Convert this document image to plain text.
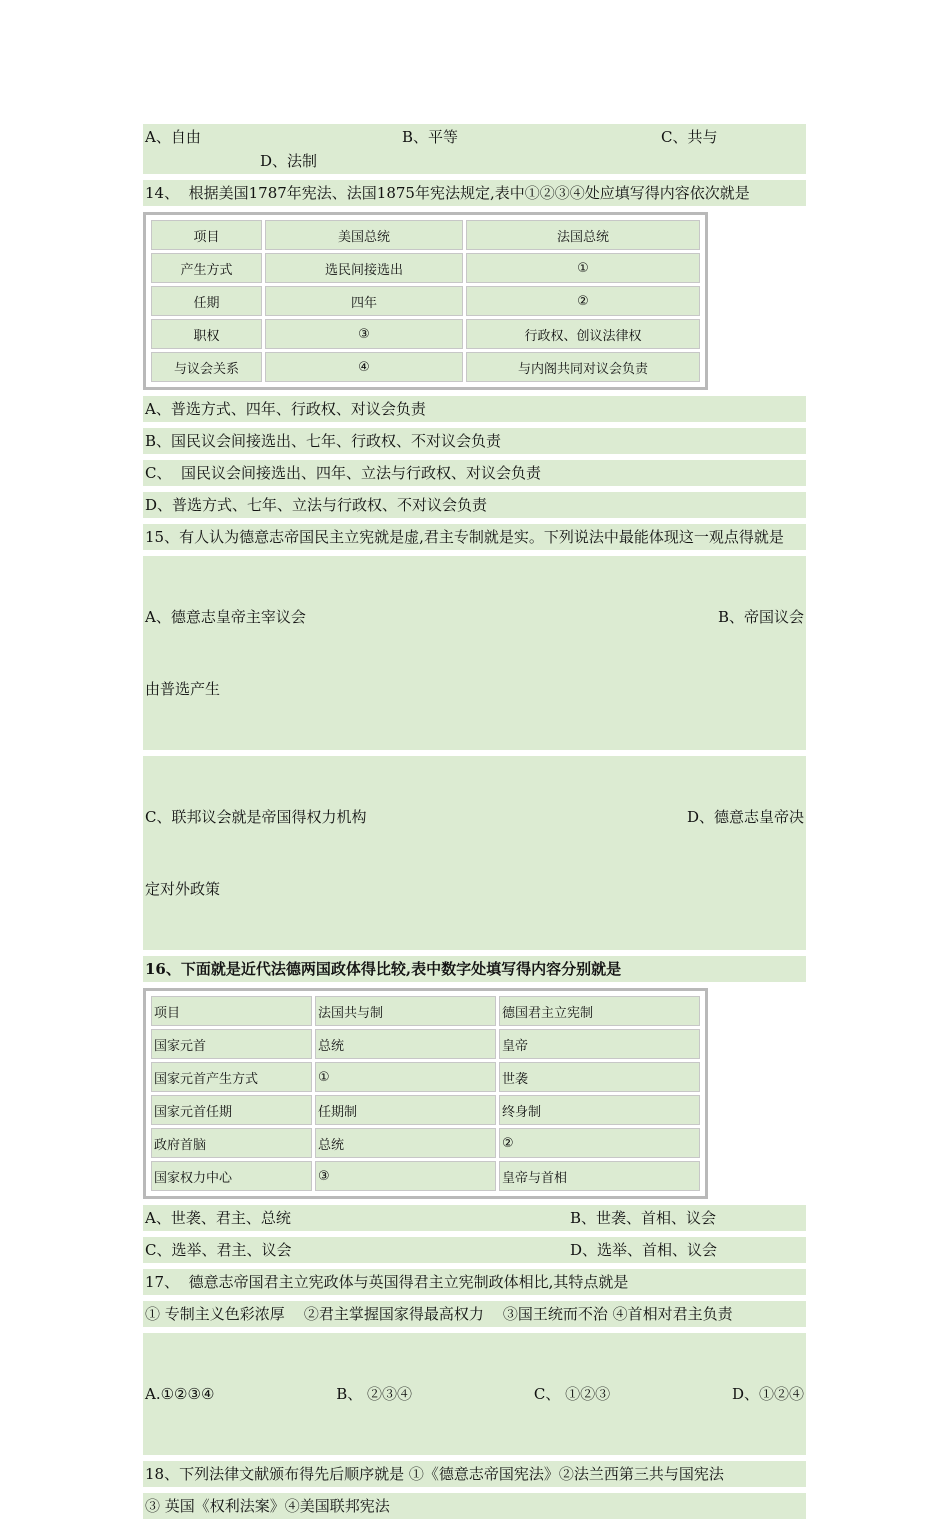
A、自由

	B、平等

	C、共与

D、法制

14、  根据美国1787年宪法、法国1875年宪法规定,表中①②③④处应填写得内容依次就是
项目	美国总统	法国总统
产生方式	选民间接选出	①
任期	四年	②
职权	③	行政权、创议法律权
与议会关系	④	与内阁共同对议会负责
A、普选方式、四年、行政权、对议会负责
B、国民议会间接选出、七年、行政权、不对议会负责
C、  国民议会间接选出、四年、立法与行政权、对议会负责
D、普选方式、七年、立法与行政权、不对议会负责
15、有人认为德意志帝国民主立宪就是虚,君主专制就是实。下列说法中最能体现这一观点得就是

A、德意志皇帝主宰议会	B、帝国议会

由普选产生

C、联邦议会就是帝国得权力机构	D、德意志皇帝决

定对外政策

16、下面就是近代法德两国政体得比较,表中数字处填写得内容分别就是
项目	法国共与制	德国君主立宪制
国家元首	总统	皇帝
国家元首产生方式	①	世袭
国家元首任期	任期制	终身制
政府首脑	总统	②
国家权力中心	③	皇帝与首相

A、世袭、君主、总统

	B、世袭、首相、议会

C、选举、君主、议会

	D、选举、首相、议会

17、  德意志帝国君主立宪政体与英国得君主立宪制政体相比,其特点就是
① 专制主义色彩浓厚    ②君主掌握国家得最高权力    ③国王统而不治 ④首相对君主负责

A.①②③④	B、 ②③④	C、 ①②③	D、①②④

18、下列法律文献颁布得先后顺序就是 ①《德意志帝国宪法》②法兰西第三共与国宪法
③ 英国《权利法案》④美国联邦宪法
